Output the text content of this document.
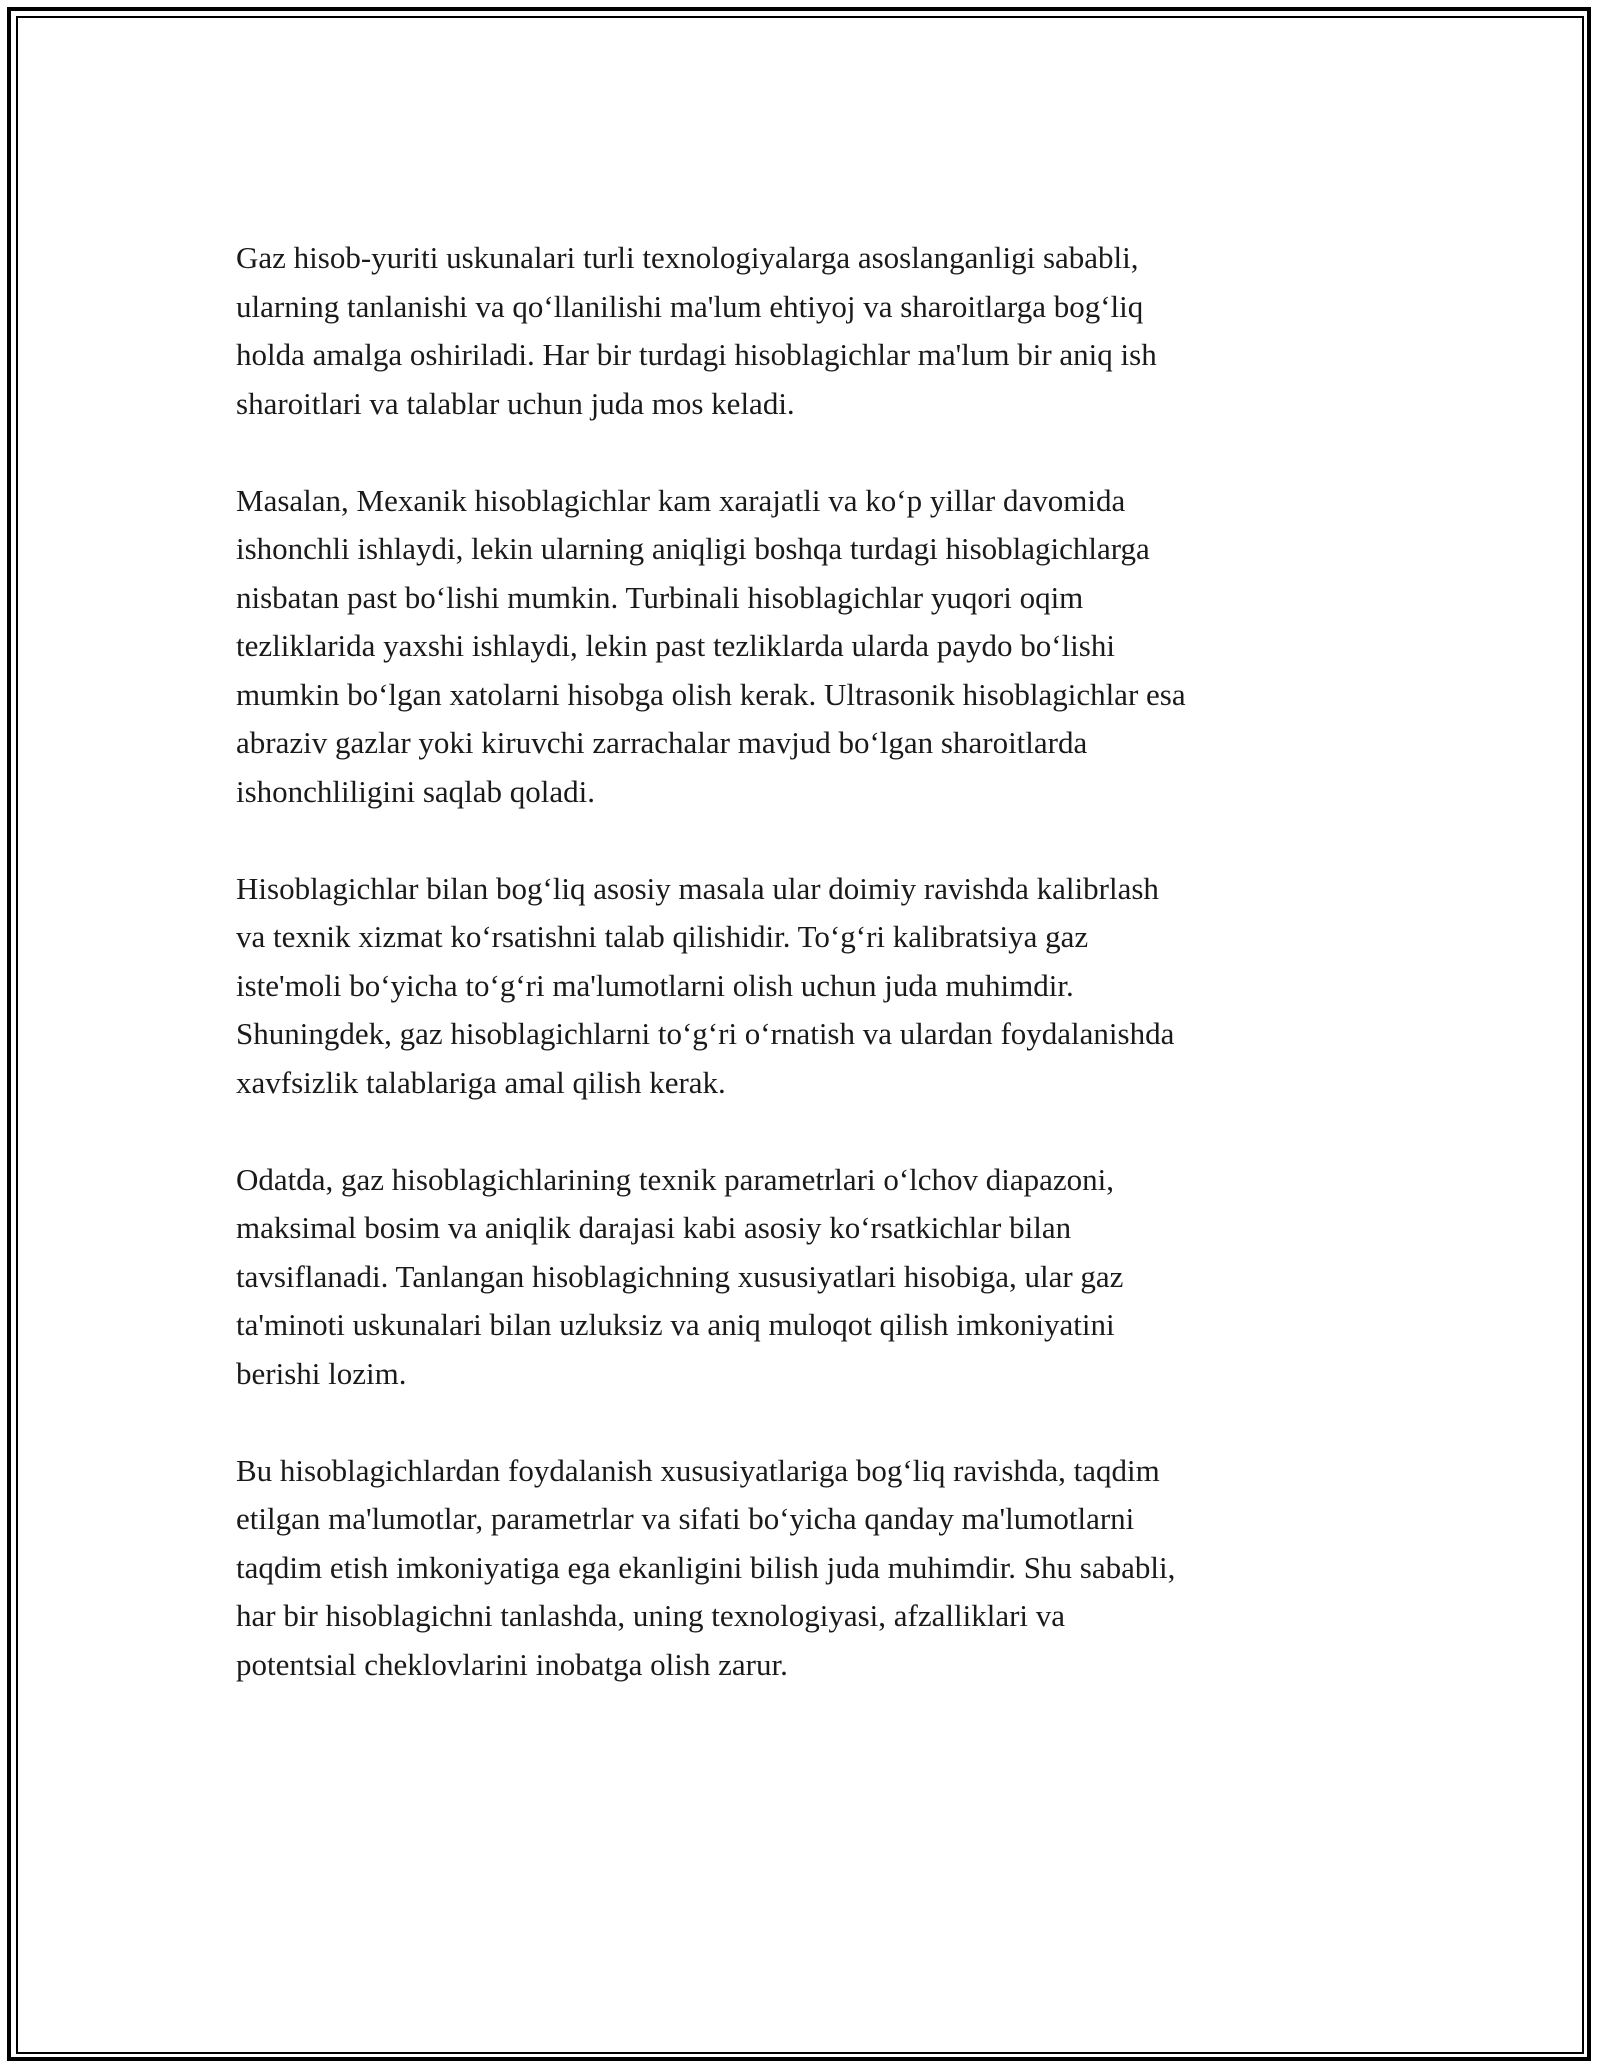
Gaz hisob-yuriti uskunalari turli texnologiyalarga asoslanganligi sababli,
ularning tanlanishi va qo‘llanilishi ma'lum ehtiyoj va sharoitlarga bog‘liq
holda amalga oshiriladi. Har bir turdagi hisoblagichlar ma'lum bir aniq ish
sharoitlari va talablar uchun juda mos keladi.

Masalan, Mexanik hisoblagichlar kam xarajatli va ko‘p yillar davomida
ishonchli ishlaydi, lekin ularning aniqligi boshqa turdagi hisoblagichlarga
nisbatan past bo‘lishi mumkin. Turbinali hisoblagichlar yuqori oqim
tezliklarida yaxshi ishlaydi, lekin past tezliklarda ularda paydo bo‘lishi
mumkin bo‘lgan xatolarni hisobga olish kerak. Ultrasonik hisoblagichlar esa
abraziv gazlar yoki kiruvchi zarrachalar mavjud bo‘lgan sharoitlarda
ishonchliligini saqlab qoladi.

Hisoblagichlar bilan bog‘liq asosiy masala ular doimiy ravishda kalibrlash
va texnik xizmat ko‘rsatishni talab qilishidir. To‘g‘ri kalibratsiya gaz
iste'moli bo‘yicha to‘g‘ri ma'lumotlarni olish uchun juda muhimdir.
Shuningdek, gaz hisoblagichlarni to‘g‘ri o‘rnatish va ulardan foydalanishda
xavfsizlik talablariga amal qilish kerak.

Odatda, gaz hisoblagichlarining texnik parametrlari o‘lchov diapazoni,
maksimal bosim va aniqlik darajasi kabi asosiy ko‘rsatkichlar bilan
tavsiflanadi. Tanlangan hisoblagichning xususiyatlari hisobiga, ular gaz
ta'minoti uskunalari bilan uzluksiz va aniq muloqot qilish imkoniyatini
berishi lozim.

Bu hisoblagichlardan foydalanish xususiyatlariga bog‘liq ravishda, taqdim
etilgan ma'lumotlar, parametrlar va sifati bo‘yicha qanday ma'lumotlarni
taqdim etish imkoniyatiga ega ekanligini bilish juda muhimdir. Shu sababli,
har bir hisoblagichni tanlashda, uning texnologiyasi, afzalliklari va
potentsial cheklovlarini inobatga olish zarur.
